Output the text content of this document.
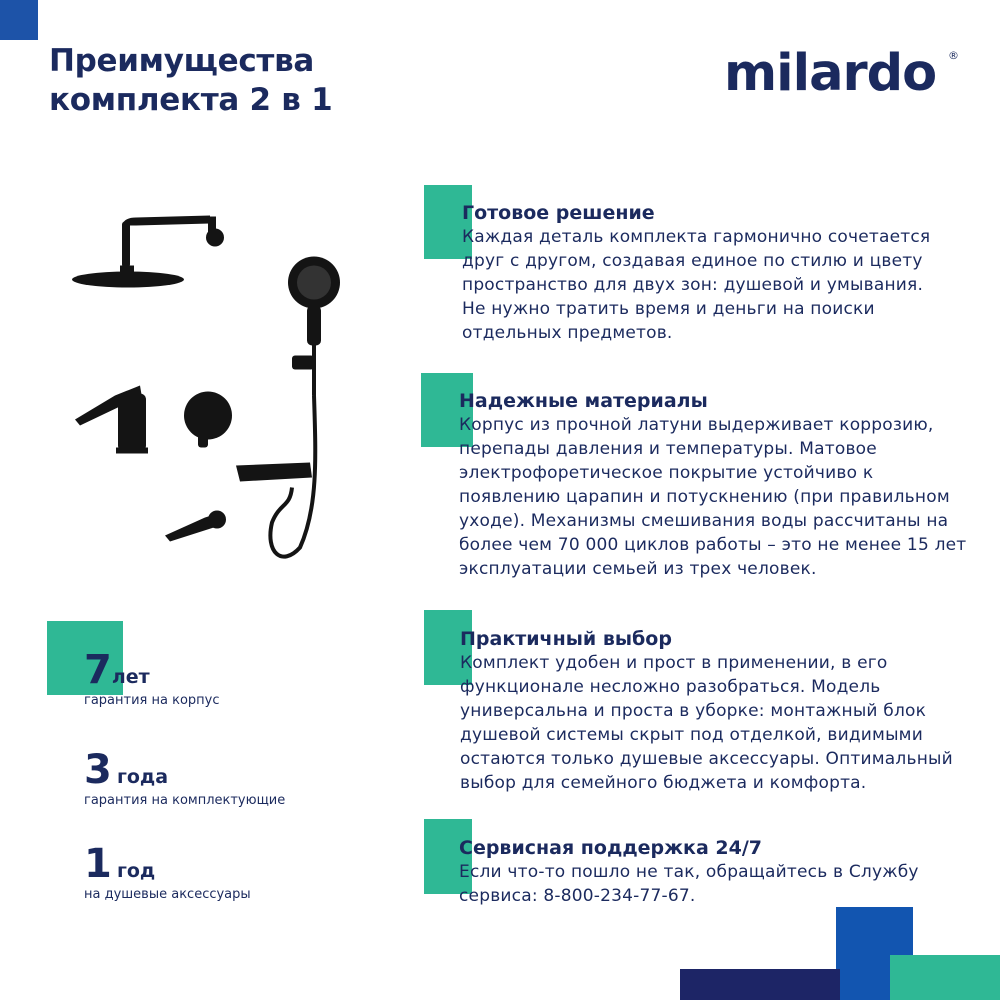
Преимущества
комплекта 2 в 1	milardo ®
Готовое решение
Каждая деталь комплекта гармонично сочетается
друг с другом, создавая единое по стилю и цвету
пространство для двух зон: душевой и умывания.
Не нужно тратить время и деньги на поиски
отдельных предметов.
Надежные материалы
Корпус из прочной латуни выдерживает коррозию,
перепады давления и температуры. Матовое
электрофоретическое покрытие устойчиво к
появлению царапин и потускнению (при правильном
уходе). Механизмы смешивания воды рассчитаны на
более чем 70 000 циклов работы – это не менее 15 лет
эксплуатации семьей из трех человек.
Практичный выбор
Комплект удобен и прост в применении, в его
функционале несложно разобраться. Модель
универсальна и проста в уборке: монтажный блок
душевой системы скрыт под отделкой, видимыми
остаются только душевые аксессуары. Оптимальный
выбор для семейного бюджета и комфорта.
Сервисная поддержка 24/7
Если что-то пошло не так, обращайтесь в Службу
сервиса: 8-800-234-77-67.
7лет
гарантия на корпус
3 года
гарантия на комплектующие
1 год
на душевые аксессуары
